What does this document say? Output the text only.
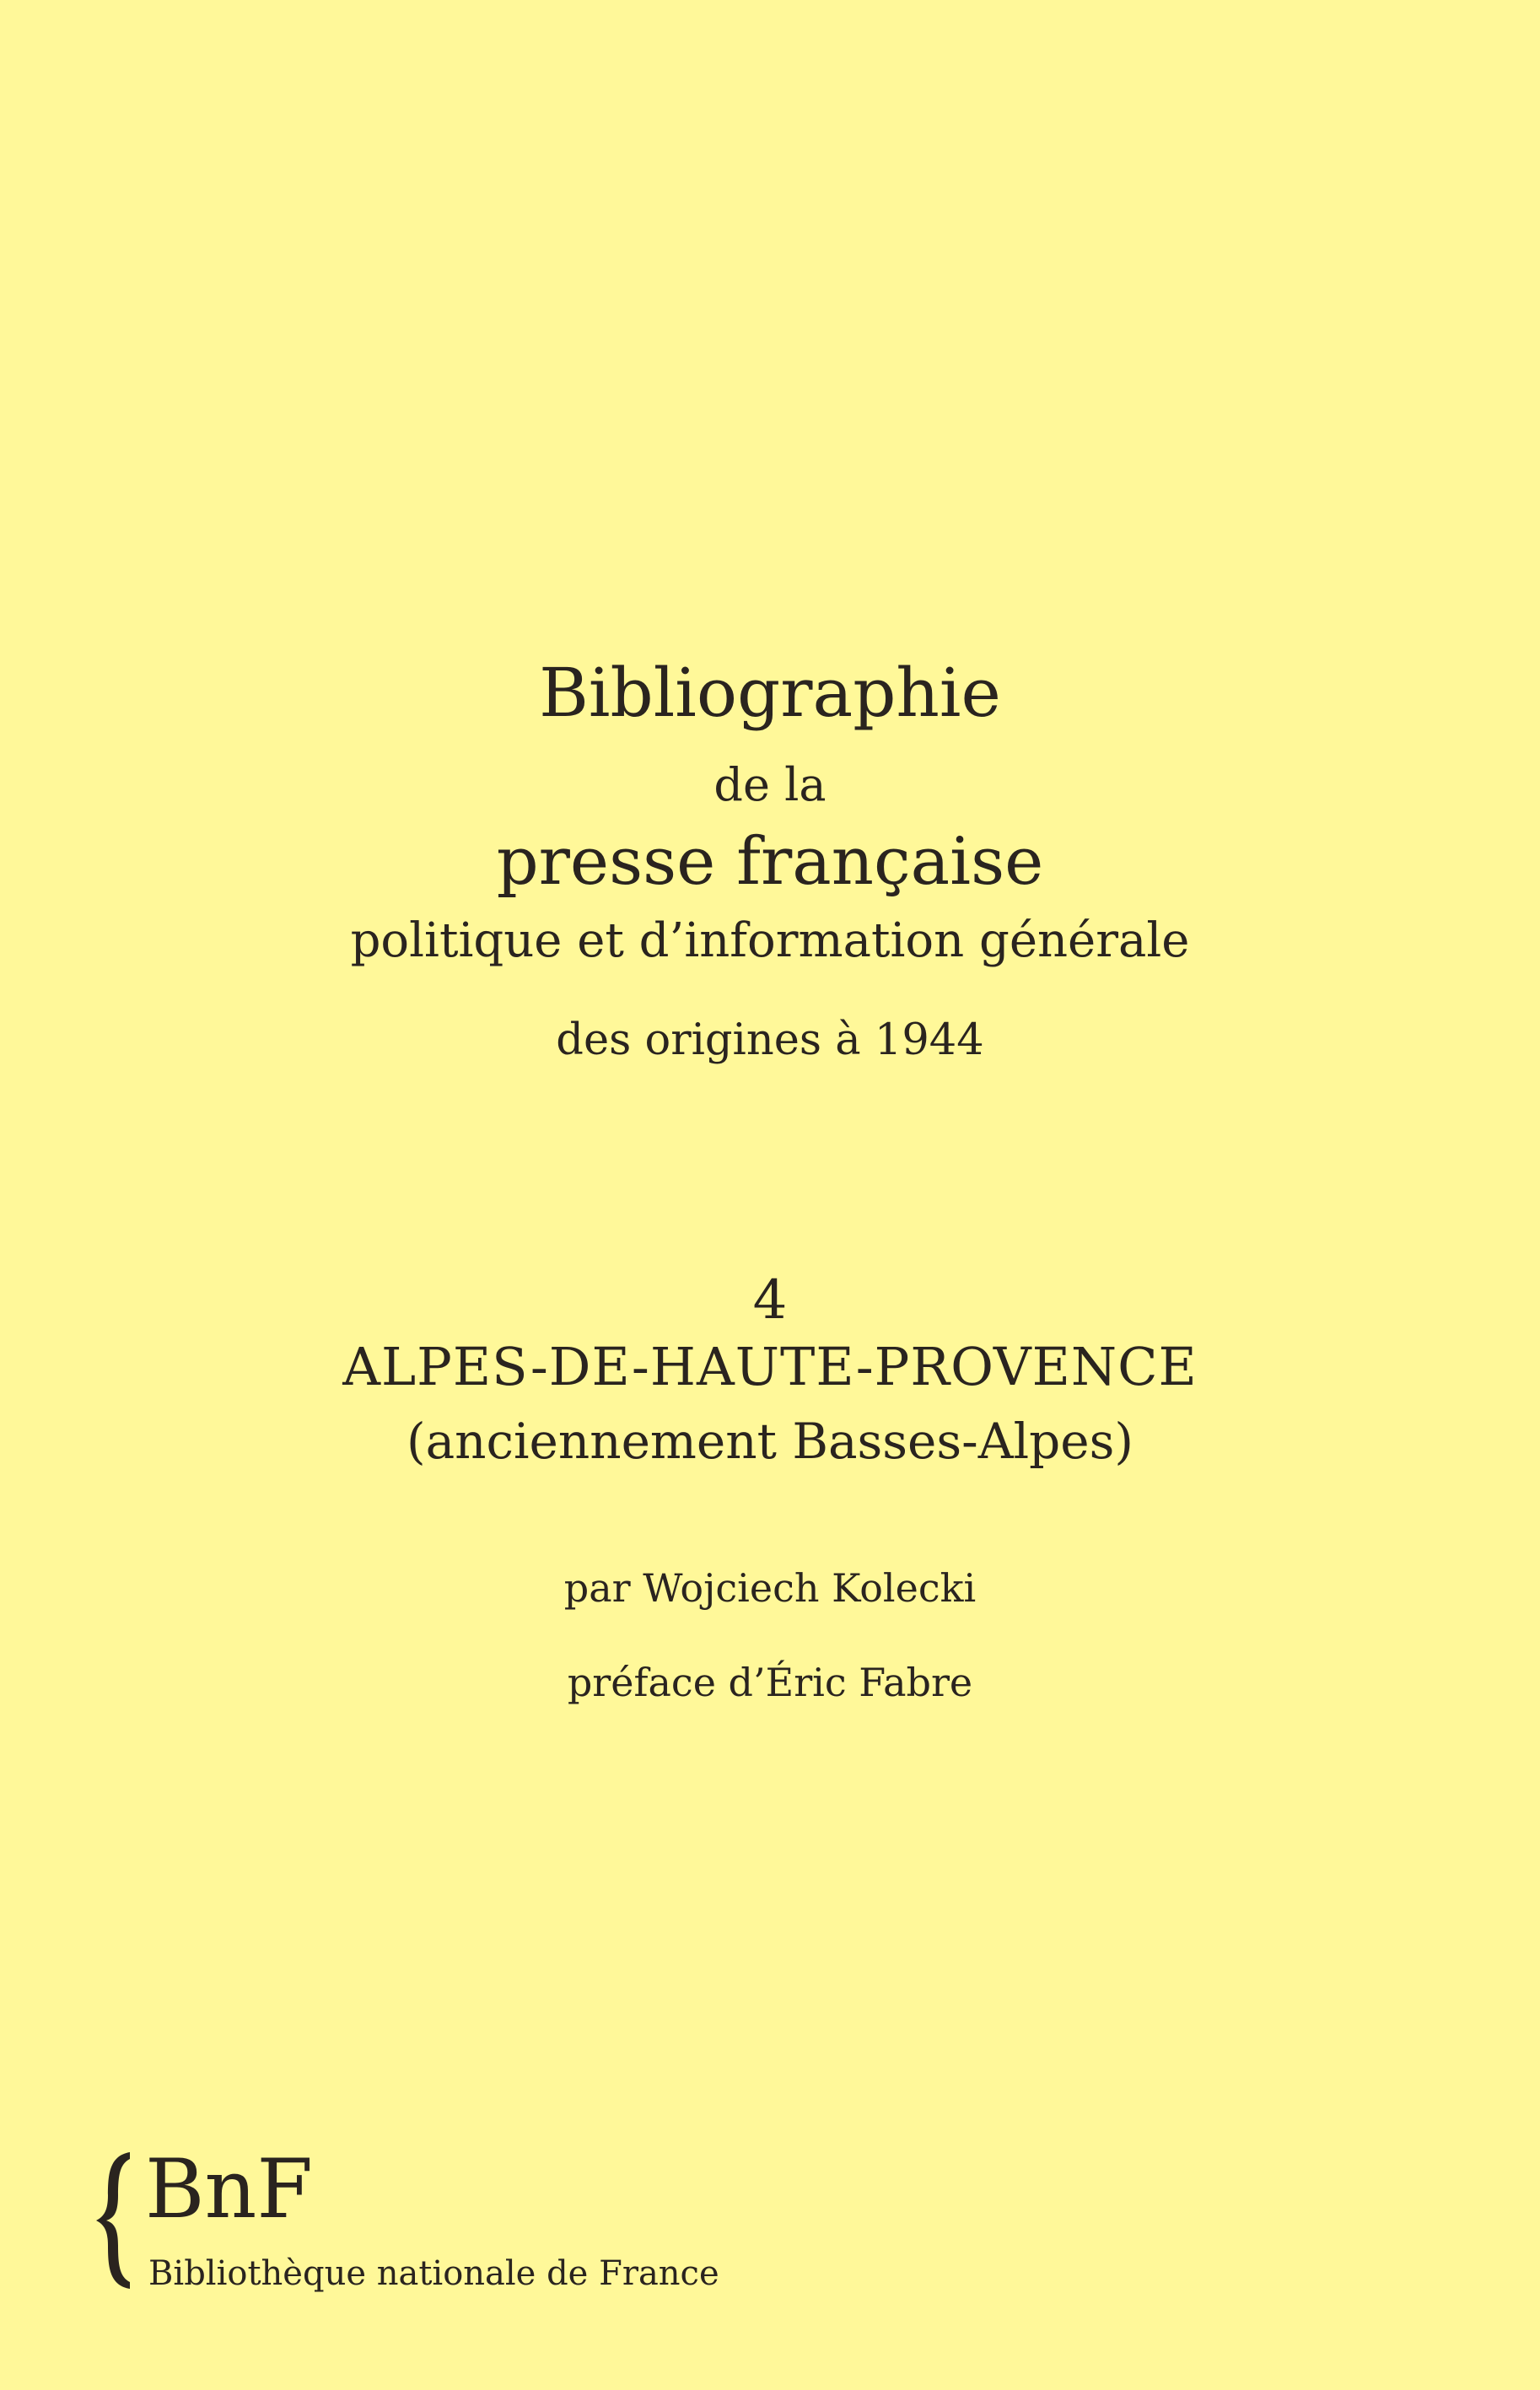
Bibliographie
de la
presse française
politique et d’information générale
des origines à 1944
4
ALPES-DE-HAUTE-PROVENCE
(anciennement Basses-Alpes)
par Wojciech Kolecki
préface d’Éric Fabre
BnF
Bibliothèque nationale de France
